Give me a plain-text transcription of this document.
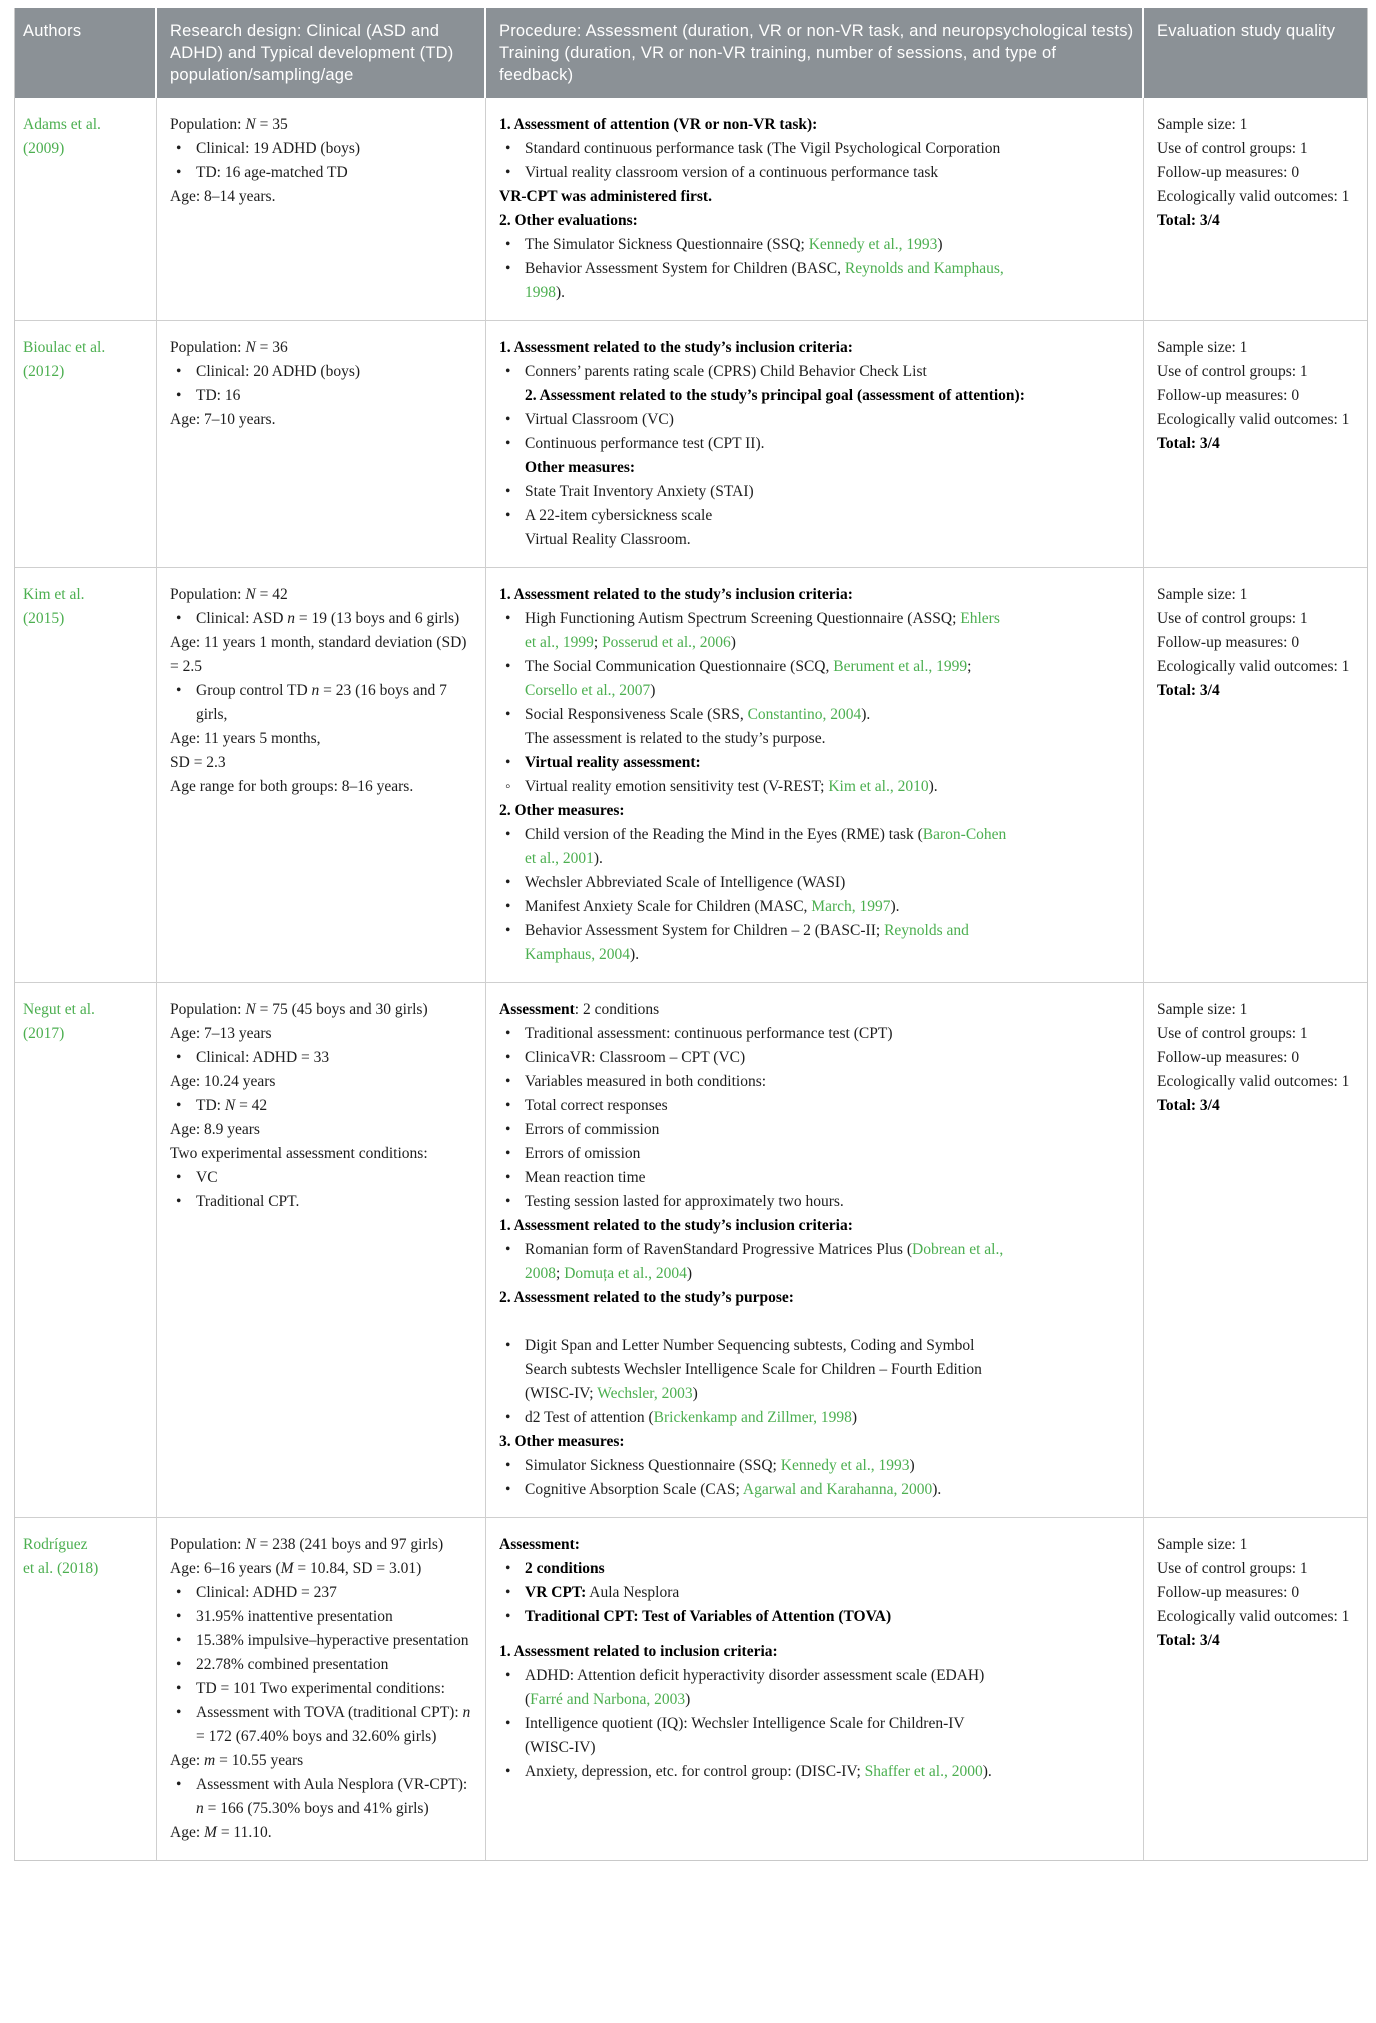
Authors	Research design: Clinical (ASD and ADHD) and Typical development (TD) population/sampling/age
Procedure: Assessment (duration, VR or non-VR task, and neuropsychological tests)
Training (duration, VR or non-VR training, number of sessions, and type of feedback)
Evaluation study quality
Adams et al.
(2009)
Population: N = 35
• Clinical: 19 ADHD (boys)
• TD: 16 age-matched TD
Age: 8–14 years.
1. Assessment of attention (VR or non-VR task):
• Standard continuous performance task (The Vigil Psychological Corporation
• Virtual reality classroom version of a continuous performance task
VR-CPT was administered first.
2. Other evaluations:
• The Simulator Sickness Questionnaire (SSQ; Kennedy et al., 1993)
• Behavior Assessment System for Children (BASC, Reynolds and Kamphaus,
1998).
Sample size: 1
Use of control groups: 1
Follow-up measures: 0
Ecologically valid outcomes: 1
Total: 3/4
Bioulac et al.
(2012)
Population: N = 36
• Clinical: 20 ADHD (boys)
• TD: 16
Age: 7–10 years.
1. Assessment related to the study’s inclusion criteria:
• Conners’ parents rating scale (CPRS) Child Behavior Check List
2. Assessment related to the study’s principal goal (assessment of attention):
• Virtual Classroom (VC)
• Continuous performance test (CPT II).
Other measures:
• State Trait Inventory Anxiety (STAI)
• A 22-item cybersickness scale
Virtual Reality Classroom.
Sample size: 1
Use of control groups: 1
Follow-up measures: 0
Ecologically valid outcomes: 1
Total: 3/4
Kim et al.
(2015)
Population: N = 42
• Clinical: ASD n = 19 (13 boys and 6 girls)
Age: 11 years 1 month, standard deviation (SD) = 2.5
• Group control TD n = 23 (16 boys and 7 girls,
Age: 11 years 5 months,
SD = 2.3
Age range for both groups: 8–16 years.
1. Assessment related to the study’s inclusion criteria:
• High Functioning Autism Spectrum Screening Questionnaire (ASSQ; Ehlers
et al., 1999; Posserud et al., 2006)
• The Social Communication Questionnaire (SCQ, Berument et al., 1999;
Corsello et al., 2007)
• Social Responsiveness Scale (SRS, Constantino, 2004).
The assessment is related to the study’s purpose.
• Virtual reality assessment:
◦ Virtual reality emotion sensitivity test (V-REST; Kim et al., 2010).
2. Other measures:
• Child version of the Reading the Mind in the Eyes (RME) task (Baron-Cohen
et al., 2001).
• Wechsler Abbreviated Scale of Intelligence (WASI)
• Manifest Anxiety Scale for Children (MASC, March, 1997).
• Behavior Assessment System for Children – 2 (BASC-II; Reynolds and
Kamphaus, 2004).
Sample size: 1
Use of control groups: 1
Follow-up measures: 0
Ecologically valid outcomes: 1
Total: 3/4
Negut et al.
(2017)
Population: N = 75 (45 boys and 30 girls)
Age: 7–13 years
• Clinical: ADHD = 33
Age: 10.24 years
• TD: N = 42
Age: 8.9 years
Two experimental assessment conditions:
• VC
• Traditional CPT.
Assessment: 2 conditions
• Traditional assessment: continuous performance test (CPT)
• ClinicaVR: Classroom – CPT (VC)
• Variables measured in both conditions:
• Total correct responses
• Errors of commission
• Errors of omission
• Mean reaction time
• Testing session lasted for approximately two hours.
1. Assessment related to the study’s inclusion criteria:
• Romanian form of RavenStandard Progressive Matrices Plus (Dobrean et al.,
2008; Domuța et al., 2004)
2. Assessment related to the study’s purpose:
• Digit Span and Letter Number Sequencing subtests, Coding and Symbol
Search subtests Wechsler Intelligence Scale for Children – Fourth Edition
(WISC-IV; Wechsler, 2003)
• d2 Test of attention (Brickenkamp and Zillmer, 1998)
3. Other measures:
• Simulator Sickness Questionnaire (SSQ; Kennedy et al., 1993)
• Cognitive Absorption Scale (CAS; Agarwal and Karahanna, 2000).
Sample size: 1
Use of control groups: 1
Follow-up measures: 0
Ecologically valid outcomes: 1
Total: 3/4
Rodríguez
et al. (2018)
Population: N = 238 (241 boys and 97 girls)
Age: 6–16 years (M = 10.84, SD = 3.01)
• Clinical: ADHD = 237
• 31.95% inattentive presentation
• 15.38% impulsive–hyperactive presentation
• 22.78% combined presentation
• TD = 101 Two experimental conditions:
• Assessment with TOVA (traditional CPT): n = 172 (67.40% boys and 32.60% girls)
Age: m = 10.55 years
• Assessment with Aula Nesplora (VR-CPT): n = 166 (75.30% boys and 41% girls)
Age: M = 11.10.
Assessment:
• 2 conditions
• VR CPT: Aula Nesplora
• Traditional CPT: Test of Variables of Attention (TOVA)
1. Assessment related to inclusion criteria:
• ADHD: Attention deficit hyperactivity disorder assessment scale (EDAH)
(Farré and Narbona, 2003)
• Intelligence quotient (IQ): Wechsler Intelligence Scale for Children-IV
(WISC-IV)
• Anxiety, depression, etc. for control group: (DISC-IV; Shaffer et al., 2000).
Sample size: 1
Use of control groups: 1
Follow-up measures: 0
Ecologically valid outcomes: 1
Total: 3/4
